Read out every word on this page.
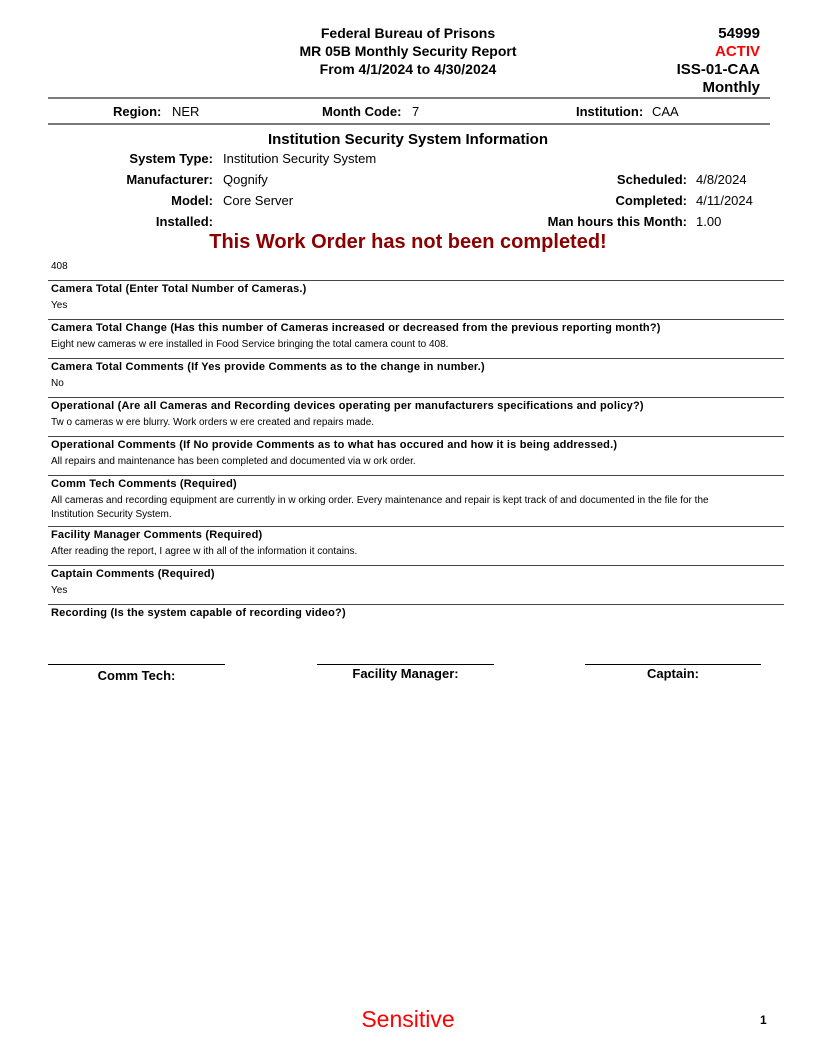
Federal Bureau of Prisons
MR 05B Monthly Security Report
From 4/1/2024 to 4/30/2024
54999
ACTIV
ISS-01-CAA
Monthly
Region: NER	Month Code: 7	Institution: CAA
Institution Security System Information
System Type: Institution Security System
Manufacturer: Qognify
Model: Core Server
Installed:
Scheduled: 4/8/2024
Completed: 4/11/2024
Man hours this Month: 1.00
This Work Order has not been completed!
408
Camera Total (Enter Total Number of Cameras.)
Yes
Camera Total Change (Has this number of Cameras increased or decreased from the previous reporting month?)
Eight new cameras w ere installed in Food Service bringing the total camera count to 408.
Camera Total Comments (If Yes provide Comments as to the change in number.)
No
Operational (Are all Cameras and Recording devices operating per manufacturers specifications and policy?)
Tw o cameras w ere blurry. Work orders w ere created and repairs made.
Operational Comments (If No provide Comments as to what has occured and how it is being addressed.)
All repairs and maintenance has been completed and documented via w ork order.
Comm Tech Comments (Required)
All cameras and recording equipment are currently in w orking order. Every maintenance and repair is kept track of and documented in the file for the
Institution Security System.
Facility Manager Comments (Required)
After reading the report, I agree w ith all of the information it contains.
Captain Comments (Required)
Yes
Recording (Is the system capable of recording video?)
Comm Tech:	Facility Manager:	Captain:
Sensitive	1
